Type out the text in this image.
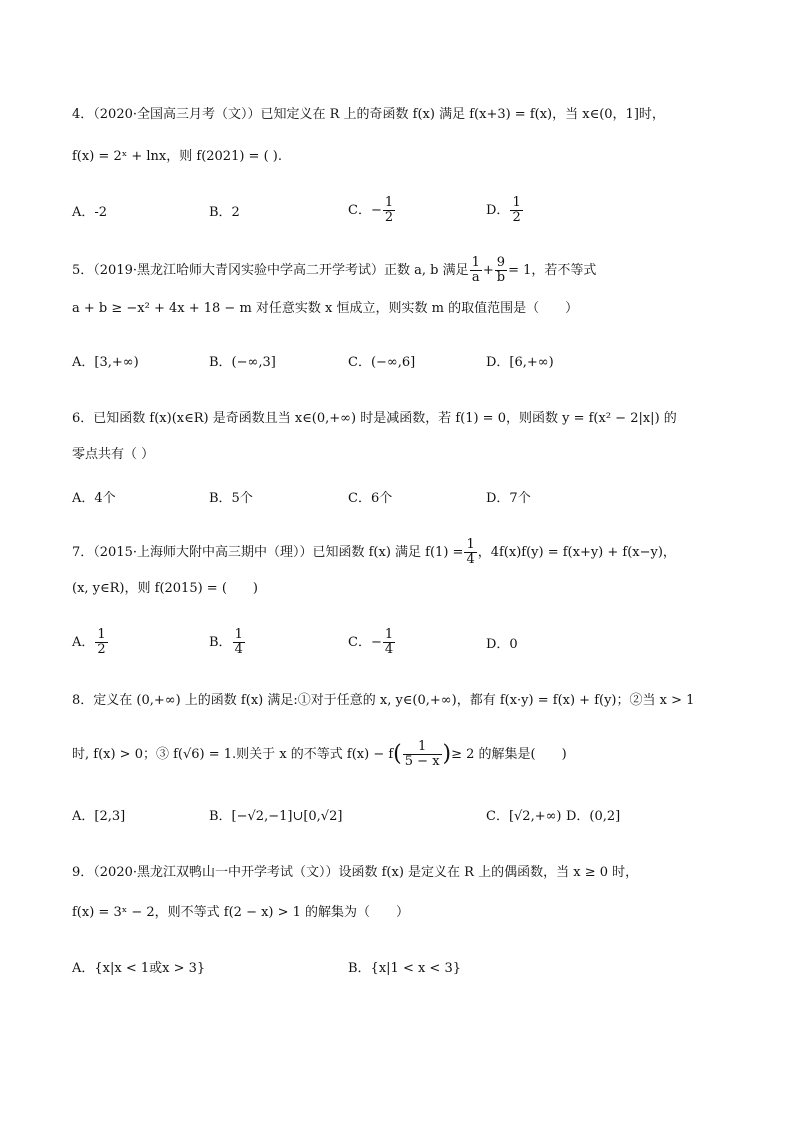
4．（2020·全国高三月考（文））已知定义在 R 上的奇函数 f(x) 满足 f(x+3) = f(x)，当 x∈(0，1]时，
f(x) = 2ˣ + lnx，则 f(2021) = ( ).
A．-2	B．2	C．− $\frac{1}{2}$	D． $\frac{1}{2}$
5．（2019·黑龙江哈师大青冈实验中学高二开学考试）正数 a, b 满足 $\frac{1}{a} + \frac{9}{b} = 1$，若不等式
a + b ≥ −x² + 4x + 18 − m 对任意实数 x 恒成立，则实数 m 的取值范围是（　　）
A．[3,+∞)	B．(−∞,3]	C．(−∞,6]	D．[6,+∞)
6．已知函数 f(x)(x∈R) 是奇函数且当 x∈(0,+∞) 时是减函数，若 f(1) = 0，则函数 y = f(x² − 2|x|) 的
零点共有（ ）
A．4个	B．5个	C．6个	D．7个
7．（2015·上海师大附中高三期中（理））已知函数 f(x) 满足 $f(1) = \frac{1}{4}$ ，4f(x)f(y) = f(x+y) + f(x−y)，
(x, y∈R)，则 f(2015) = (　　)
A． $\frac{1}{2}$	B． $\frac{1}{4}$	C．− $\frac{1}{4}$	D．0
8．定义在 (0,+∞) 上的函数 f(x) 满足:①对于任意的 x, y∈(0,+∞)，都有 f(x·y) = f(x) + f(y)；②当 x > 1
时, f(x) > 0；③ f(√6) = 1.则关于 x 的不等式 $f(x) - f( \frac{1}{5 - x}$ )≥ 2 的解集是(　　)
A．[2,3]	B．[−√2,−1]∪[0,√2]	C．[√2,+∞) D．(0,2]
9．（2020·黑龙江双鸭山一中开学考试（文））设函数 f(x) 是定义在 R 上的偶函数，当 x ≥ 0 时，
f(x) = 3ˣ − 2，则不等式 f(2 − x) > 1 的解集为（　　）
A．{x|x < 1或x > 3}	B．{x|1 < x < 3}
